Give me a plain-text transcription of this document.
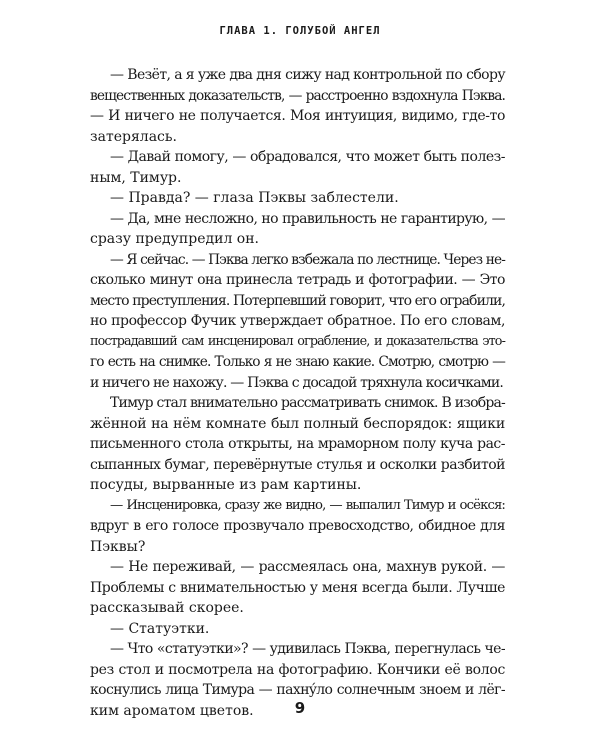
ГЛАВА 1. ГОЛУБОЙ АНГЕЛ
— Везёт, а я уже два дня сижу над контрольной по сбору
вещественных доказательств, — расстроенно вздохнула Пэква.
— И ничего не получается. Моя интуиция, видимо, где-то
затерялась.
— Давай помогу, — обрадовался, что может быть полез-
ным, Тимур.
— Правда? — глаза Пэквы заблестели.
— Да, мне несложно, но правильность не гарантирую, —
сразу предупредил он.
— Я сейчас. — Пэква легко взбежала по лестнице. Через не-
сколько минут она принесла тетрадь и фотографии. — Это
место преступления. Потерпевший говорит, что его ограбили,
но профессор Фучик утверждает обратное. По его словам,
пострадавший сам инсценировал ограбление, и доказательства это-
го есть на снимке. Только я не знаю какие. Смотрю, смотрю —
и ничего не нахожу. — Пэква с досадой тряхнула косичками.
Тимур стал внимательно рассматривать снимок. В изобра-
жённой на нём комнате был полный беспорядок: ящики
письменного стола открыты, на мраморном полу куча рас-
сыпанных бумаг, перевёрнутые стулья и осколки разбитой
посуды, вырванные из рам картины.
— Инсценировка, сразу же видно, — выпалил Тимур и осёкся:
вдруг в его голосе прозвучало превосходство, обидное для
Пэквы?
— Не переживай, — рассмеялась она, махнув рукой. —
Проблемы с внимательностью у меня всегда были. Лучше
рассказывай скорее.
— Статуэтки.
— Что «статуэтки»? — удивилась Пэква, перегнулась че-
рез стол и посмотрела на фотографию. Кончики её волос
коснулись лица Тимура — пахнýло солнечным зноем и лёг-
ким ароматом цветов.	9
